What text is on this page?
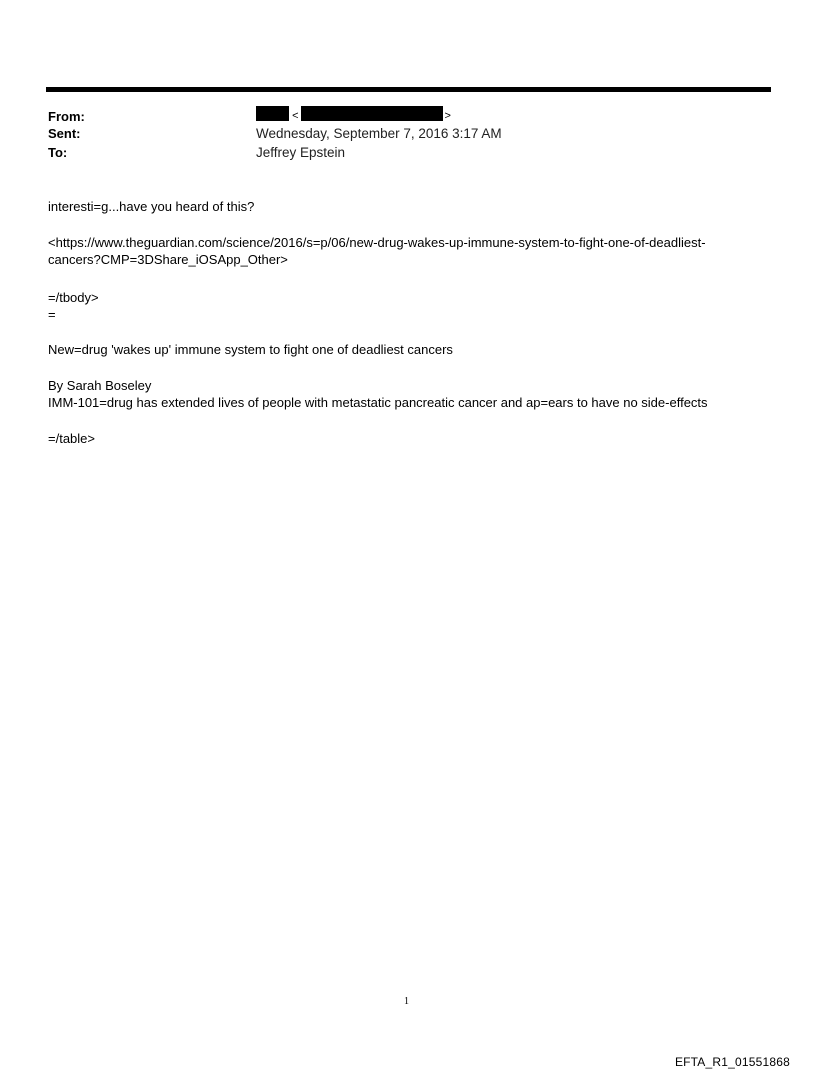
From:	<	>
Sent:	Wednesday, September 7, 2016 3:17 AM
To:	Jeffrey Epstein
interesti=g...have you heard of this?
<https://www.theguardian.com/science/2016/s=p/06/new-drug-wakes-up-immune-system-to-fight-one-of-deadliest-
cancers?CMP=3DShare_iOSApp_Other>
=/tbody>
=
New=drug 'wakes up' immune system to fight one of deadliest cancers
By Sarah Boseley
IMM-101=drug has extended lives of people with metastatic pancreatic cancer and ap=ears to have no side-effects
=/table>
1
EFTA_R1_01551868
